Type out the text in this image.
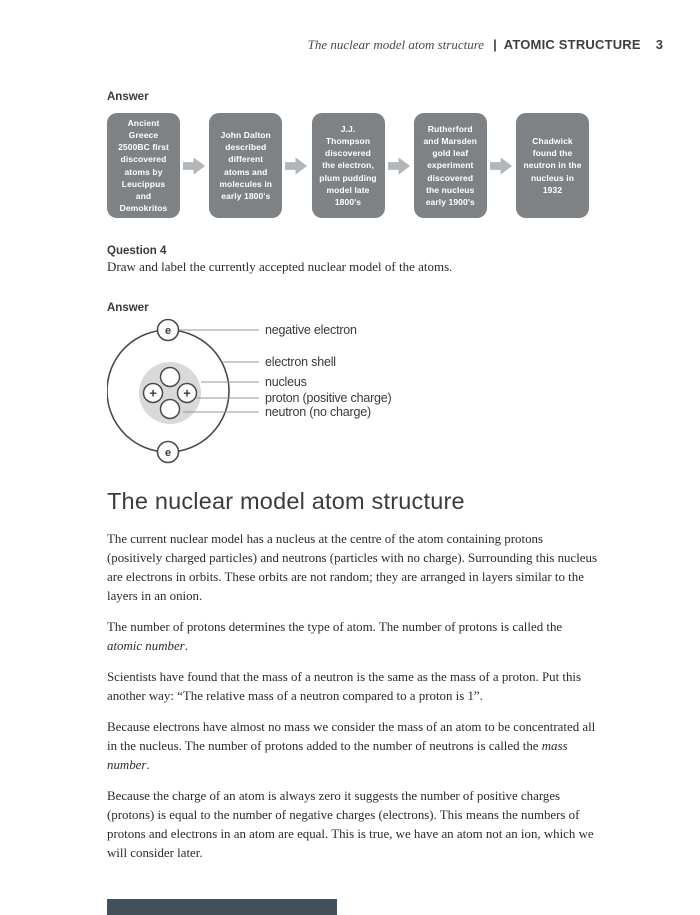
The nuclear model atom structure | ATOMIC STRUCTURE 3
Answer
Ancient Greece 2500BC first discovered atoms by Leucippus and Demokritos
John Dalton described different atoms and molecules in early 1800's
J.J. Thompson discovered the electron, plum pudding model late 1800's
Rutherford and Marsden gold leaf experiment discovered the nucleus early 1900's
Chadwick found the neutron in the nucleus in 1932
Question 4

Draw and label the currently accepted nuclear model of the atoms.

Answer
+ +
e
e
negative electron
electron shell
nucleus
proton (positive charge)
neutron (no charge)
The nuclear model atom structure

The current nuclear model has a nucleus at the centre of the atom containing protons (positively charged particles) and neutrons (particles with no charge). Surrounding this nucleus are electrons in orbits. These orbits are not random; they are arranged in layers similar to the layers in an onion.

The number of protons determines the type of atom. The number of protons is called the atomic number.

Scientists have found that the mass of a neutron is the same as the mass of a proton. Put this another way: “The relative mass of a neutron compared to a proton is 1”.

Because electrons have almost no mass we consider the mass of an atom to be concentrated all in the nucleus. The number of protons added to the number of neutrons is called the mass number.

Because the charge of an atom is always zero it suggests the number of positive charges (protons) is equal to the number of negative charges (electrons). This means the numbers of protons and electrons in an atom are equal. This is true, we have an atom not an ion, which we will consider later.
